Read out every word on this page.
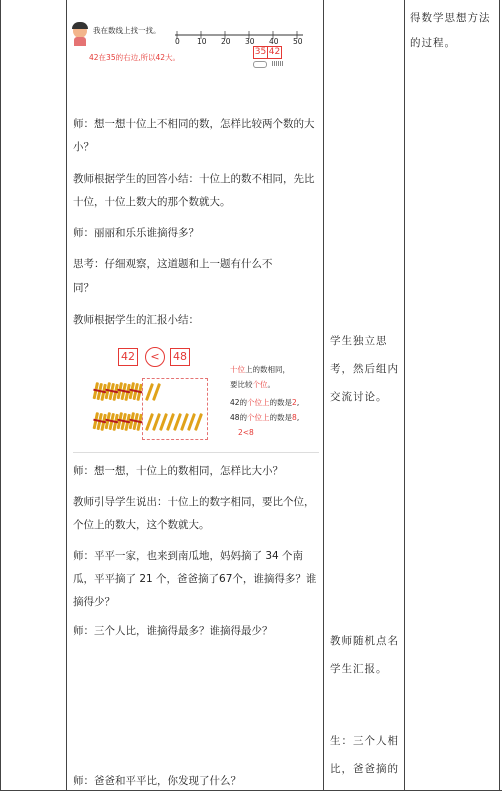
我在数线上找一找。
0 10 20 30 40 50
35 42
42在35的右边,所以42大。
师：想一想十位上不相同的数，怎样比较两个数的大小？
教师根据学生的回答小结：十位上的数不相同，先比十位，十位上数大的那个数就大。
师：丽丽和乐乐谁摘得多？
思考：仔细观察，这道题和上一题有什么不
同？
教师根据学生的汇报小结：
42	<	48
十位上的数相同，
要比较个位。
42的个位上的数是2,
48的个位上的数是8,
2<8
师：想一想，十位上的数相同，怎样比大小？
教师引导学生说出：十位上的数字相同，要比个位，个位上的数大，这个数就大。
师：平平一家，也来到南瓜地，妈妈摘了 34 个南瓜，平平摘了 21 个，爸爸摘了67个，谁摘得多？谁摘得少？
师：三个人比，谁摘得最多？谁摘得最少？
师：爸爸和平平比，你发现了什么？
学生独立思考，然后组内交流讨论。
教师随机点名学生汇报。
生：三个人相比，爸爸摘的
得数学思想方法的过程。
